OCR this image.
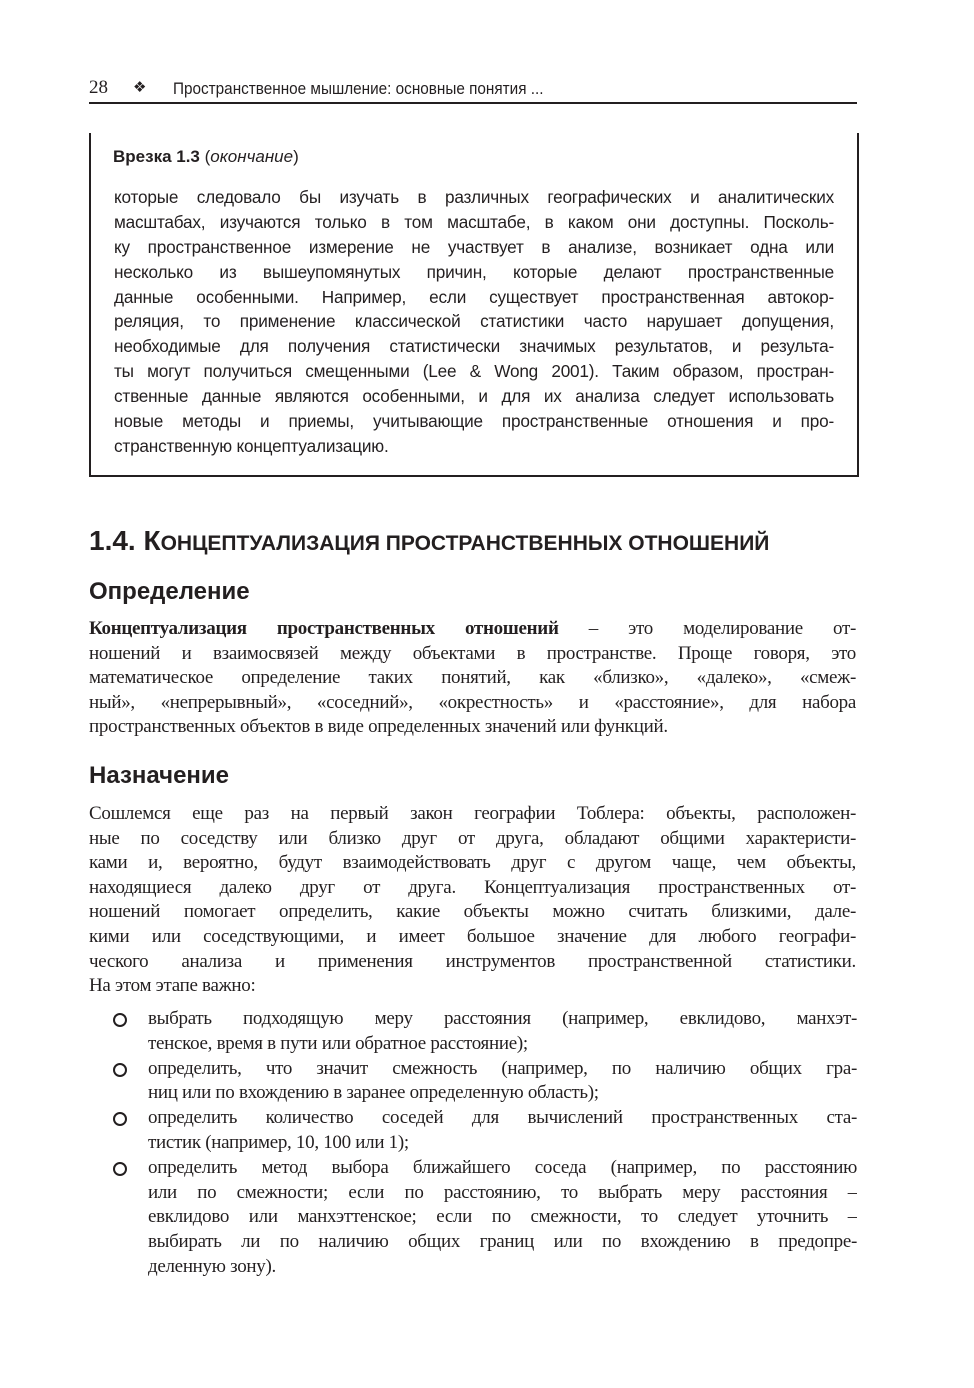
28 ❖ Пространственное мышление: основные понятия ...
Врезка 1.3 (окончание)
которые следовало бы изучать в различных географических и аналитических
масштабах, изучаются только в том масштабе, в каком они доступны. Посколь-
ку пространственное измерение не участвует в анализе, возникает одна или
несколько из вышеупомянутых причин, которые делают пространственные
данные особенными. Например, если существует пространственная автокор-
реляция, то применение классической статистики часто нарушает допущения,
необходимые для получения статистически значимых результатов, и результа-
ты могут получиться смещенными (Lee & Wong 2001). Таким образом, простран-
ственные данные являются особенными, и для их анализа следует использовать
новые методы и приемы, учитывающие пространственные отношения и про-
странственную концептуализацию.
1.4. КОНЦЕПТУАЛИЗАЦИЯ ПРОСТРАНСТВЕННЫХ ОТНОШЕНИЙ
Определение
Концептуализация пространственных отношений – это моделирование от-
ношений и взаимосвязей между объектами в пространстве. Проще говоря, это
математическое определение таких понятий, как «близко», «далеко», «смеж-
ный», «непрерывный», «соседний», «окрестность» и «расстояние», для набора
пространственных объектов в виде определенных значений или функций.
Назначение
Сошлемся еще раз на первый закон географии Тоблера: объекты, расположен-
ные по соседству или близко друг от друга, обладают общими характеристи-
ками и, вероятно, будут взаимодействовать друг с другом чаще, чем объекты,
находящиеся далеко друг от друга. Концептуализация пространственных от-
ношений помогает определить, какие объекты можно считать близкими, дале-
кими или соседствующими, и имеет большое значение для любого географи-
ческого анализа и применения инструментов пространственной статистики.
На этом этапе важно:
выбрать подходящую меру расстояния (например, евклидово, манхэт-
тенское, время в пути или обратное расстояние);
определить, что значит смежность (например, по наличию общих гра-
ниц или по вхождению в заранее определенную область);
определить количество соседей для вычислений пространственных ста-
тистик (например, 10, 100 или 1);
определить метод выбора ближайшего соседа (например, по расстоянию
или по смежности; если по расстоянию, то выбрать меру расстояния –
евклидово или манхэттенское; если по смежности, то следует уточнить –
выбирать ли по наличию общих границ или по вхождению в предопре-
деленную зону).
